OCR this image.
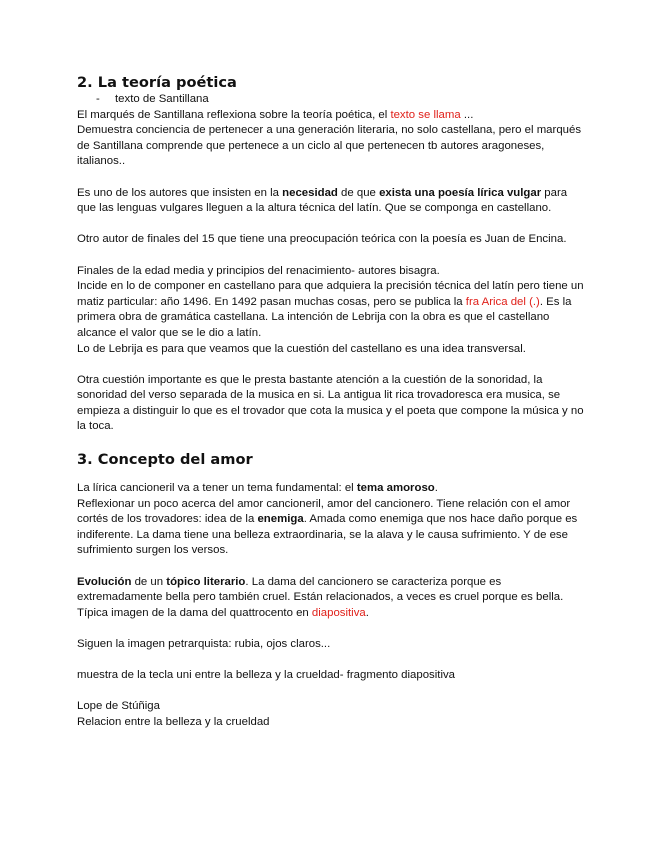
2. La teoría poética

- texto de Santillana

El marqués de Santillana reflexiona sobre la teoría poética, el texto se llama ...

Demuestra conciencia de pertenecer a una generación literaria, no solo castellana, pero el marqués de Santillana comprende que pertenece a un ciclo al que pertenecen tb autores aragoneses, italianos..

Es uno de los autores que insisten en la necesidad de que exista una poesía lírica vulgar para que las lenguas vulgares lleguen a la altura técnica del latín. Que se componga en castellano.

Otro autor de finales del 15 que tiene una preocupación teórica con la poesía es Juan de Encina.

Finales de la edad media y principios del renacimiento- autores bisagra.

Incide en lo de componer en castellano para que adquiera la precisión técnica del latín pero tiene un matiz particular: año 1496. En 1492 pasan muchas cosas, pero se publica la fra Arica del (.). Es la primera obra de gramática castellana. La intención de Lebrija con la obra es que el castellano alcance el valor que se le dio a latín.

Lo de Lebrija es para que veamos que la cuestión del castellano es una idea transversal.

Otra cuestión importante es que le presta bastante atención a la cuestión de la sonoridad, la sonoridad del verso separada de la musica en si. La antigua lit rica trovadoresca era musica, se empieza a distinguir lo que es el trovador que cota la musica y el poeta que compone la música y no la toca.

3. Concepto del amor

La lírica cancioneril va a tener un tema fundamental: el tema amoroso.

Reflexionar un poco acerca del amor cancioneril, amor del cancionero. Tiene relación con el amor cortés de los trovadores: idea de la enemiga. Amada como enemiga que nos hace daño porque es indiferente. La dama tiene una belleza extraordinaria, se la alava y le causa sufrimiento. Y de ese sufrimiento surgen los versos.

Evolución de un tópico literario. La dama del cancionero se caracteriza porque es extremadamente bella pero también cruel. Están relacionados, a veces es cruel porque es bella. Típica imagen de la dama del quattrocento en diapositiva.

Siguen la imagen petrarquista: rubia, ojos claros...

muestra de la tecla uni entre la belleza y la crueldad- fragmento diapositiva

Lope de Stúñiga

Relacion entre la belleza y la crueldad
